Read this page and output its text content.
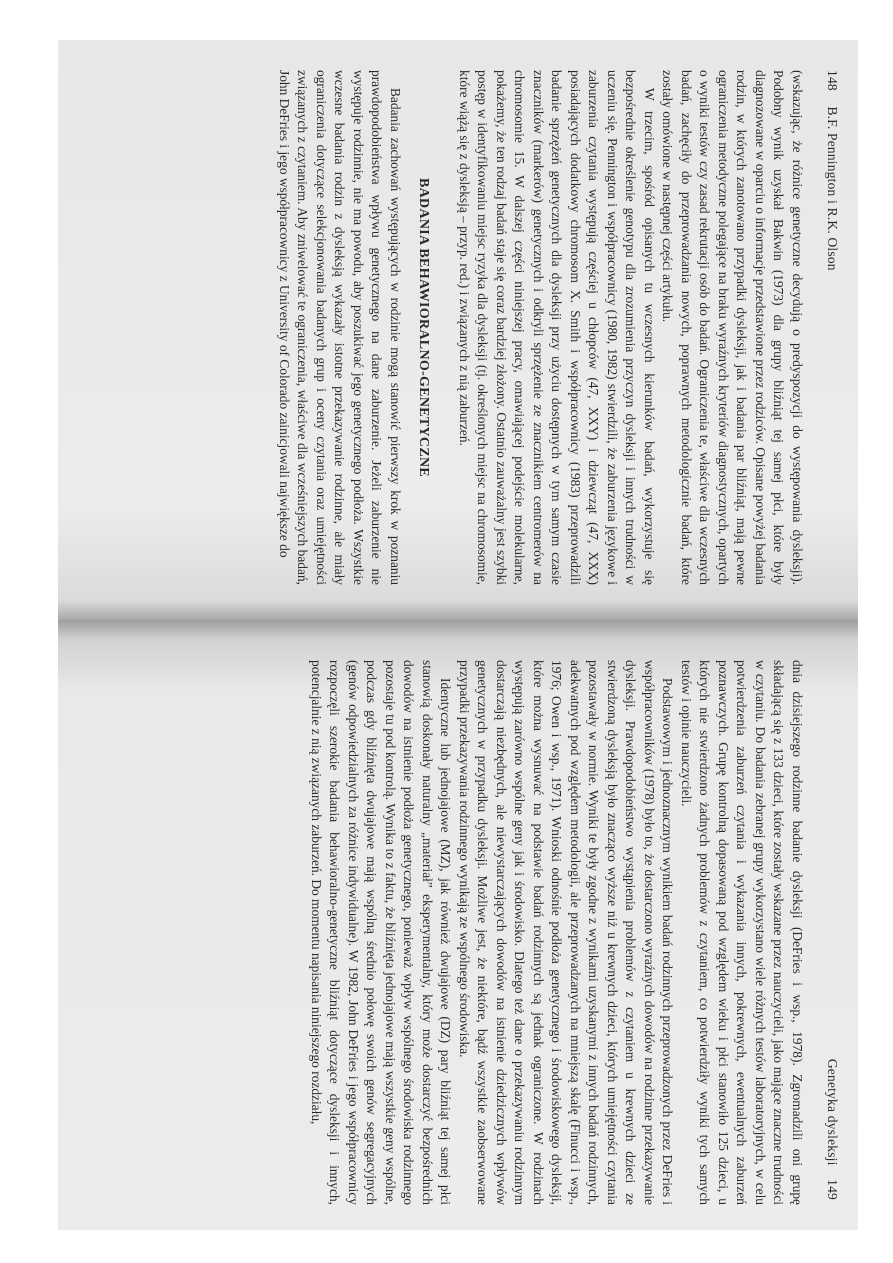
148 B.F. Pennington i R.K. Olson

(wskazując, że różnice genetyczne decydują o predyspozycji do występowania dysleksji). Podobny wynik uzyskał Bakwin (1973) dla grupy bliźniąt tej samej płci, które były diagnozowane w oparciu o informacje przedstawione przez rodziców. Opisane powyżej badania rodzin, w których zanotowano przypadki dysleksji, jak i badania par bliźniąt, mają pewne ograniczenia metodyczne polegające na braku wyraźnych kryteriów diagnostycznych, opartych o wyniki testów czy zasad rekrutacji osób do badań. Ograniczenia te, właściwe dla wczesnych badań, zachęciły do przeprowadzania nowych, poprawnych metodologicznie badań, które zostały omówione w następnej części artykułu.

W trzecim, spośród opisanych tu wczesnych kierunków badań, wykorzystuje się bezpośrednie określenie genotypu dla zrozumienia przyczyn dysleksji i innych trudności w uczeniu się. Pennington i współpracownicy (1980, 1982) stwierdzili, że zaburzenia językowe i zaburzenia czytania występują częściej u chłopców (47, XXY) i dziewcząt (47, XXX) posiadających dodatkowy chromosom X. Smith i współpracownicy (1983) przeprowadzili badanie sprzężeń genetycznych dla dysleksji przy użyciu dostępnych w tym samym czasie znaczników (markerów) genetycznych i odkryli sprzężenie ze znacznikiem centromerów na chromosomie 15. W dalszej części niniejszej pracy, omawiającej podejście molekularne, pokażemy, że ten rodzaj badań staje się coraz bardziej złożony. Ostatnio zauważalny jest szybki postęp w identyfikowaniu miejsc ryzyka dla dysleksji (tj. określonych miejsc na chromosomie, które wiążą się z dysleksją – przyp. red.) i związanych z nią zaburzeń.

BADANIA BEHAWIORALNO-GENETYCZNE

Badania zachowań występujących w rodzinie mogą stanowić pierwszy krok w poznaniu prawdopodobieństwa wpływu genetycznego na dane zaburzenie. Jeżeli zaburzenie nie występuje rodzinnie, nie ma powodu, aby poszukiwać jego genetycznego podłoża. Wszystkie wczesne badania rodzin z dysleksją wykazały istotne przekazywanie rodzinne, ale miały ograniczenia dotyczące selekcjonowania badanych grup i oceny czytania oraz umiejętności związanych z czytaniem. Aby zniwelować te ograniczenia, właściwe dla wcześniejszych badań, John DeFries i jego współpracownicy z University of Colorado zainicjowali największe do

Genetyka dysleksji 149

dnia dzisiejszego rodzinne badanie dysleksji (DeFries i wsp., 1978). Zgromadzili oni grupę składającą się z 133 dzieci, które zostały wskazane przez nauczycieli, jako mające znaczne trudności w czytaniu. Do badania zebranej grupy wykorzystano wiele różnych testów laboratoryjnych, w celu potwierdzenia zaburzeń czytania i wykazania innych, pokrewnych, ewentualnych zaburzeń poznawczych. Grupę kontrolną dopasowaną pod względem wieku i płci stanowiło 125 dzieci, u których nie stwierdzono żadnych problemów z czytaniem, co potwierdziły wyniki tych samych testów i opinie nauczycieli.

Podstawowym i jednoznacznym wynikiem badań rodzinnych przeprowadzonych przez DeFries i współpracowników (1978) było to, że dostarczono wyraźnych dowodów na rodzinne przekazywanie dysleksji. Prawdopodobieństwo wystąpienia problemów z czytaniem u krewnych dzieci ze stwierdzoną dysleksją było znacząco wyższe niż u krewnych dzieci, których umiejętności czytania pozostawały w normie. Wyniki te były zgodne z wynikami uzyskanymi z innych badań rodzinnych, adekwatnych pod względem metodologii, ale przeprowadzanych na mniejszą skalę (Finucci i wsp., 1976; Owen i wsp., 1971). Wnioski odnośnie podłoża genetycznego i środowiskowego dysleksji, które można wysnuwać na podstawie badań rodzinnych są jednak ograniczone. W rodzinach występują zarówno wspólne geny jak i środowisko. Dlatego też dane o przekazywaniu rodzinnym dostarczają niezbędnych, ale niewystarczających dowodów na istnienie dziedzicznych wpływów genetycznych w przypadku dysleksji. Możliwe jest, że niektóre, bądź wszystkie zaobserwowane przypadki przekazywania rodzinnego wynikają ze wspólnego środowiska.

Identyczne lub jednojajowe (MZ), jak również dwujajowe (DZ) pary bliźniąt tej samej płci stanowią doskonały naturalny „materiał” eksperymentalny, który może dostarczyć bezpośrednich dowodów na istnienie podłoża genetycznego, ponieważ wpływ wspólnego środowiska rodzinnego pozostaje tu pod kontrolą. Wynika to z faktu, że bliźnięta jednojajowe mają wszystkie geny wspólne, podczas gdy bliźnięta dwujajowe mają wspólną średnio połowę swoich genów segregacyjnych (genów odpowiedzialnych za różnice indywidualne). W 1982, John DeFries i jego współpracownicy rozpoczęli szerokie badania behawioralno-genetyczne bliźniąt dotyczące dysleksji i innych, potencjalnie z nią związanych zaburzeń. Do momentu napisania niniejszego rozdziału,
